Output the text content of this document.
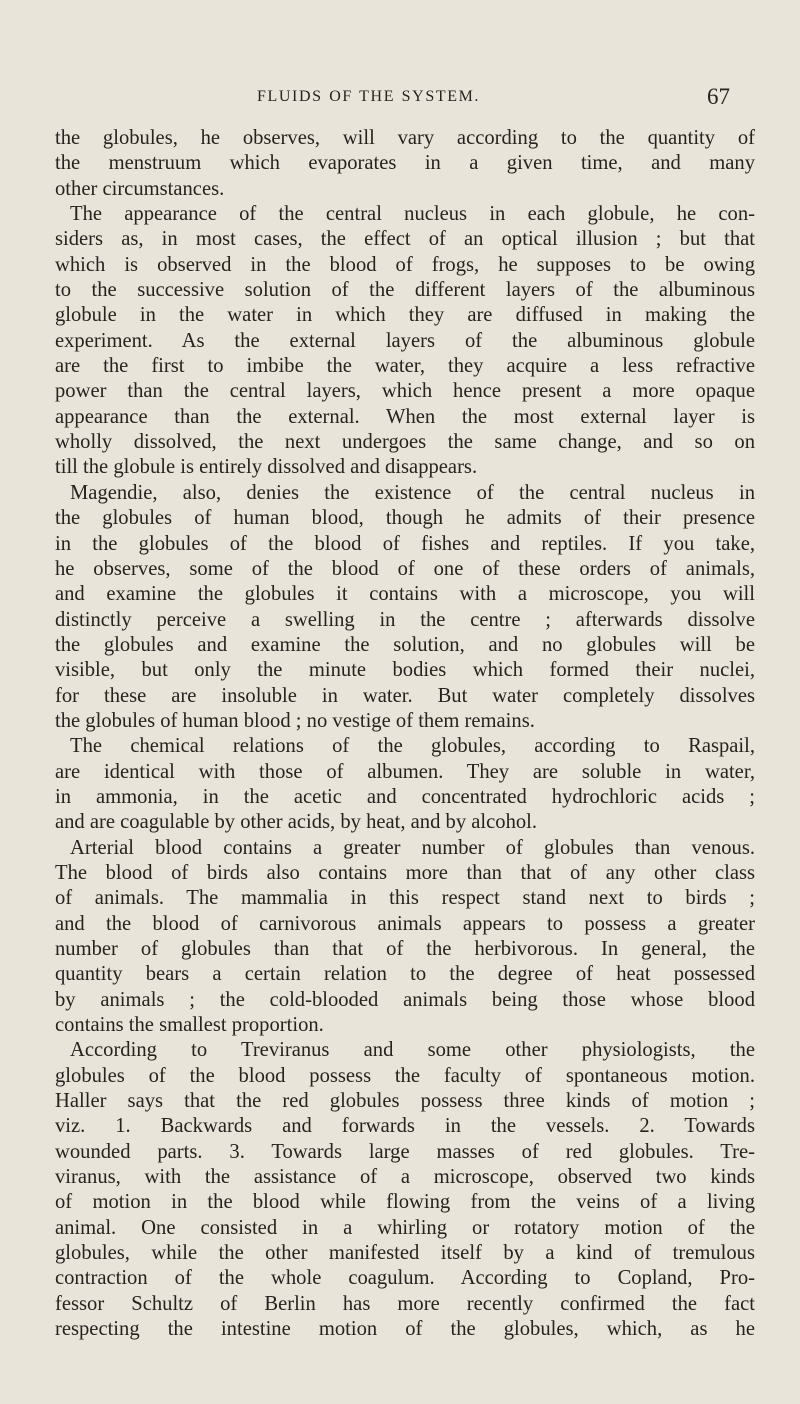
FLUIDS OF THE SYSTEM.	67
the globules, he observes, will vary according to the quantity of
the menstruum which evaporates in a given time, and many
other circumstances.
The appearance of the central nucleus in each globule, he con-
siders as, in most cases, the effect of an optical illusion ; but that
which is observed in the blood of frogs, he supposes to be owing
to the successive solution of the different layers of the albuminous
globule in the water in which they are diffused in making the
experiment. As the external layers of the albuminous globule
are the first to imbibe the water, they acquire a less refractive
power than the central layers, which hence present a more opaque
appearance than the external. When the most external layer is
wholly dissolved, the next undergoes the same change, and so on
till the globule is entirely dissolved and disappears.
Magendie, also, denies the existence of the central nucleus in
the globules of human blood, though he admits of their presence
in the globules of the blood of fishes and reptiles. If you take,
he observes, some of the blood of one of these orders of animals,
and examine the globules it contains with a microscope, you will
distinctly perceive a swelling in the centre ; afterwards dissolve
the globules and examine the solution, and no globules will be
visible, but only the minute bodies which formed their nuclei,
for these are insoluble in water. But water completely dissolves
the globules of human blood ; no vestige of them remains.
The chemical relations of the globules, according to Raspail,
are identical with those of albumen. They are soluble in water,
in ammonia, in the acetic and concentrated hydrochloric acids ;
and are coagulable by other acids, by heat, and by alcohol.
Arterial blood contains a greater number of globules than venous.
The blood of birds also contains more than that of any other class
of animals. The mammalia in this respect stand next to birds ;
and the blood of carnivorous animals appears to possess a greater
number of globules than that of the herbivorous. In general, the
quantity bears a certain relation to the degree of heat possessed
by animals ; the cold-blooded animals being those whose blood
contains the smallest proportion.
According to Treviranus and some other physiologists, the
globules of the blood possess the faculty of spontaneous motion.
Haller says that the red globules possess three kinds of motion ;
viz. 1. Backwards and forwards in the vessels. 2. Towards
wounded parts. 3. Towards large masses of red globules. Tre-
viranus, with the assistance of a microscope, observed two kinds
of motion in the blood while flowing from the veins of a living
animal. One consisted in a whirling or rotatory motion of the
globules, while the other manifested itself by a kind of tremulous
contraction of the whole coagulum. According to Copland, Pro-
fessor Schultz of Berlin has more recently confirmed the fact
respecting the intestine motion of the globules, which, as he
